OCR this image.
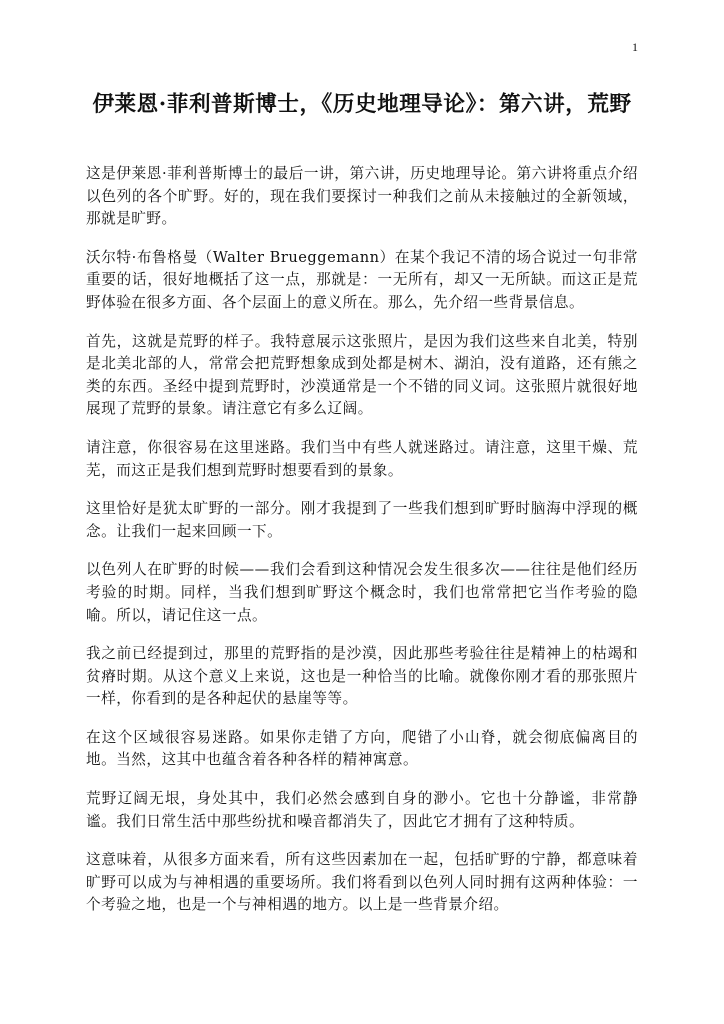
1
伊莱恩·菲利普斯博士，《历史地理导论》：第六讲，荒野

这是伊莱恩·菲利普斯博士的最后一讲，第六讲，历史地理导论。第六讲将重点介绍以色列的各个旷野。好的，现在我们要探讨一种我们之前从未接触过的全新领域，那就是旷野。

沃尔特·布鲁格曼（Walter Brueggemann）在某个我记不清的场合说过一句非常重要的话，很好地概括了这一点，那就是：一无所有，却又一无所缺。而这正是荒野体验在很多方面、各个层面上的意义所在。那么，先介绍一些背景信息。

首先，这就是荒野的样子。我特意展示这张照片，是因为我们这些来自北美，特别是北美北部的人，常常会把荒野想象成到处都是树木、湖泊，没有道路，还有熊之类的东西。圣经中提到荒野时，沙漠通常是一个不错的同义词。这张照片就很好地展现了荒野的景象。请注意它有多么辽阔。

请注意，你很容易在这里迷路。我们当中有些人就迷路过。请注意，这里干燥、荒芜，而这正是我们想到荒野时想要看到的景象。

这里恰好是犹太旷野的一部分。刚才我提到了一些我们想到旷野时脑海中浮现的概念。让我们一起来回顾一下。

以色列人在旷野的时候——我们会看到这种情况会发生很多次——往往是他们经历考验的时期。同样，当我们想到旷野这个概念时，我们也常常把它当作考验的隐喻。所以，请记住这一点。

我之前已经提到过，那里的荒野指的是沙漠，因此那些考验往往是精神上的枯竭和贫瘠时期。从这个意义上来说，这也是一种恰当的比喻。就像你刚才看的那张照片一样，你看到的是各种起伏的悬崖等等。

在这个区域很容易迷路。如果你走错了方向，爬错了小山脊，就会彻底偏离目的地。当然，这其中也蕴含着各种各样的精神寓意。

荒野辽阔无垠，身处其中，我们必然会感到自身的渺小。它也十分静谧，非常静谧。我们日常生活中那些纷扰和噪音都消失了，因此它才拥有了这种特质。

这意味着，从很多方面来看，所有这些因素加在一起，包括旷野的宁静，都意味着旷野可以成为与神相遇的重要场所。我们将看到以色列人同时拥有这两种体验：一个考验之地，也是一个与神相遇的地方。以上是一些背景介绍。
